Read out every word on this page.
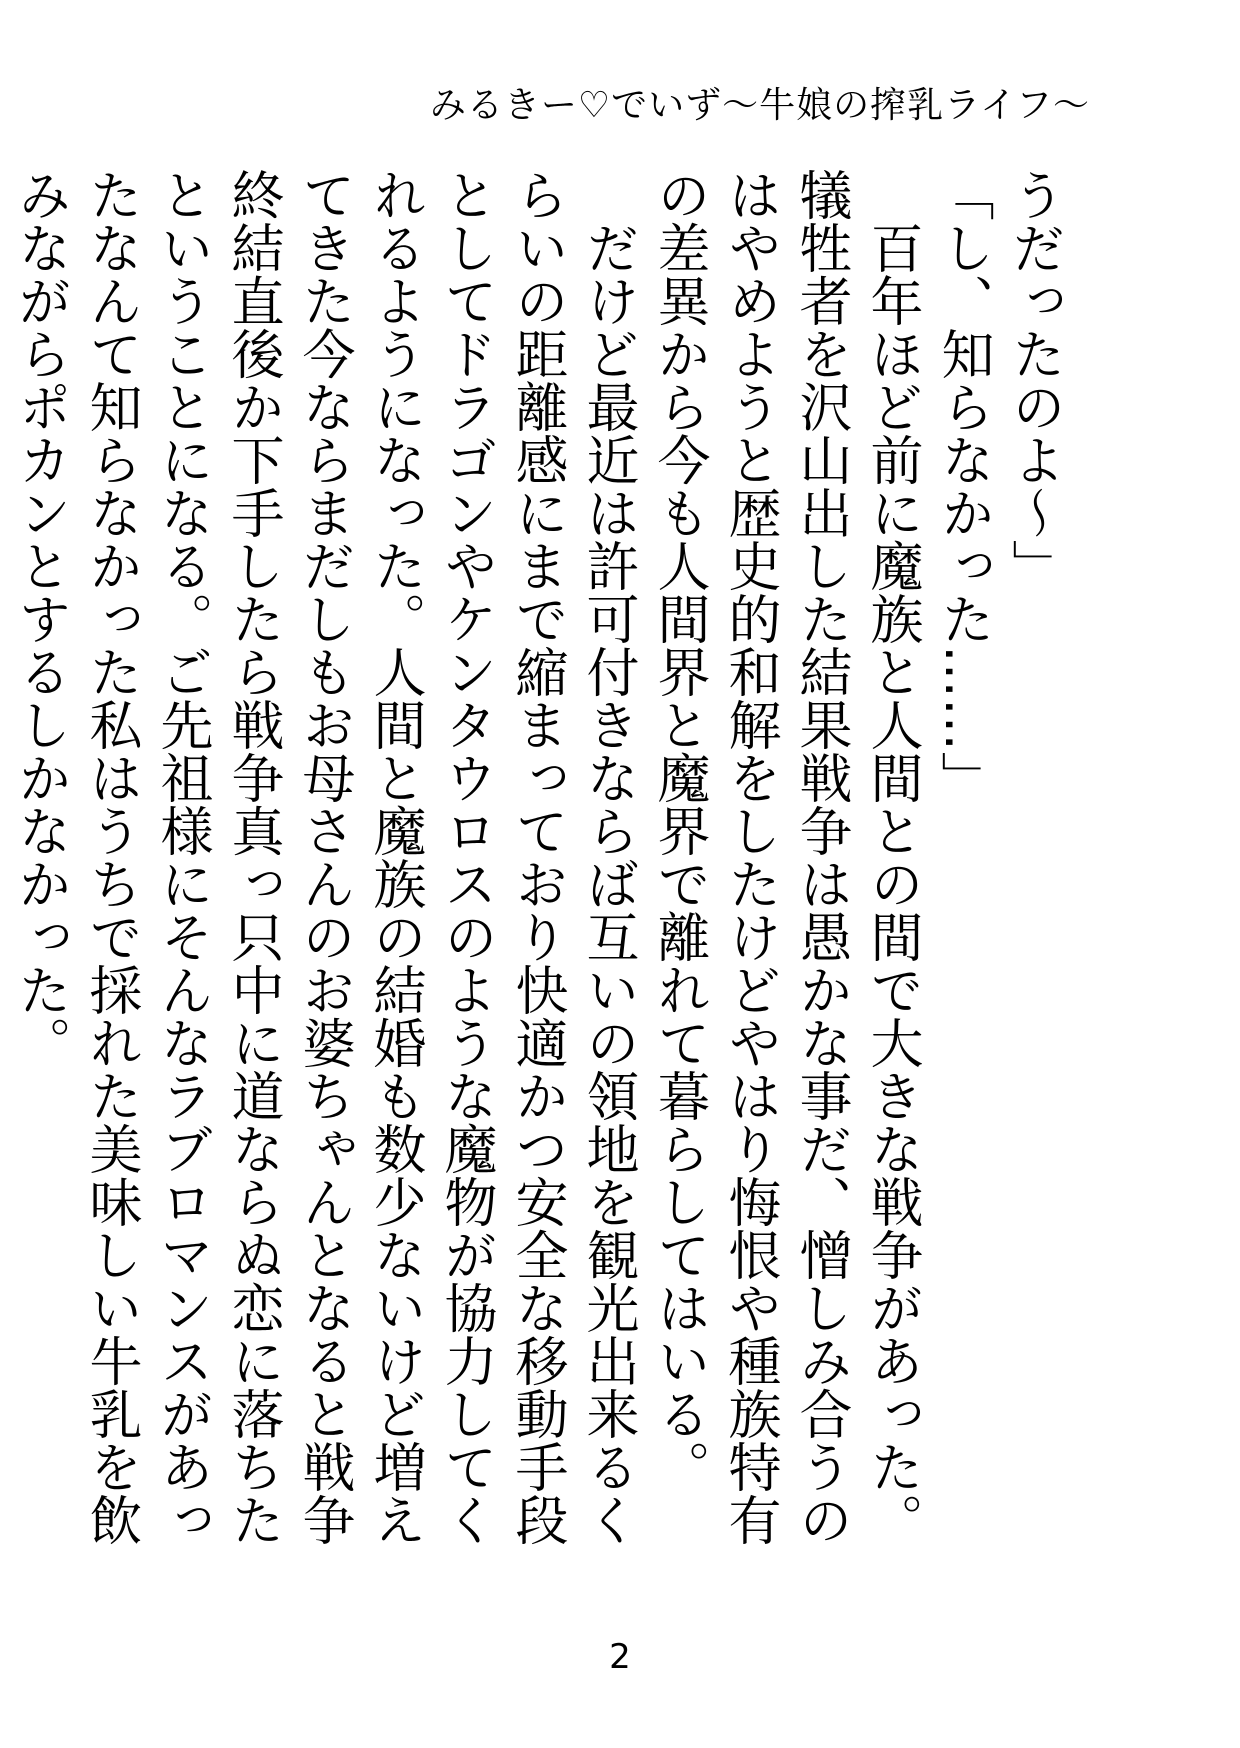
みるきー♡でいず〜牛娘の搾乳ライフ〜

うだったのよ〜」

「し、知らなかった……」

　百年ほど前に魔族と人間との間で大きな戦争があった。犠牲者を沢山出した結果戦争は愚かな事だ、憎しみ合うのはやめようと歴史的和解をしたけどやはり悔恨や種族特有の差異から今も人間界と魔界で離れて暮らしてはいる。

　だけど最近は許可付きならば互いの領地を観光出来るくらいの距離感にまで縮まっており快適かつ安全な移動手段としてドラゴンやケンタウロスのような魔物が協力してくれるようになった。人間と魔族の結婚も数少ないけど増えてきた今ならまだしもお母さんのお婆ちゃんとなると戦争終結直後か下手したら戦争真っ只中に道ならぬ恋に落ちたということになる。ご先祖様にそんなラブロマンスがあったなんて知らなかった私はうちで採れた美味しい牛乳を飲みながらポカンとするしかなかった。

2
